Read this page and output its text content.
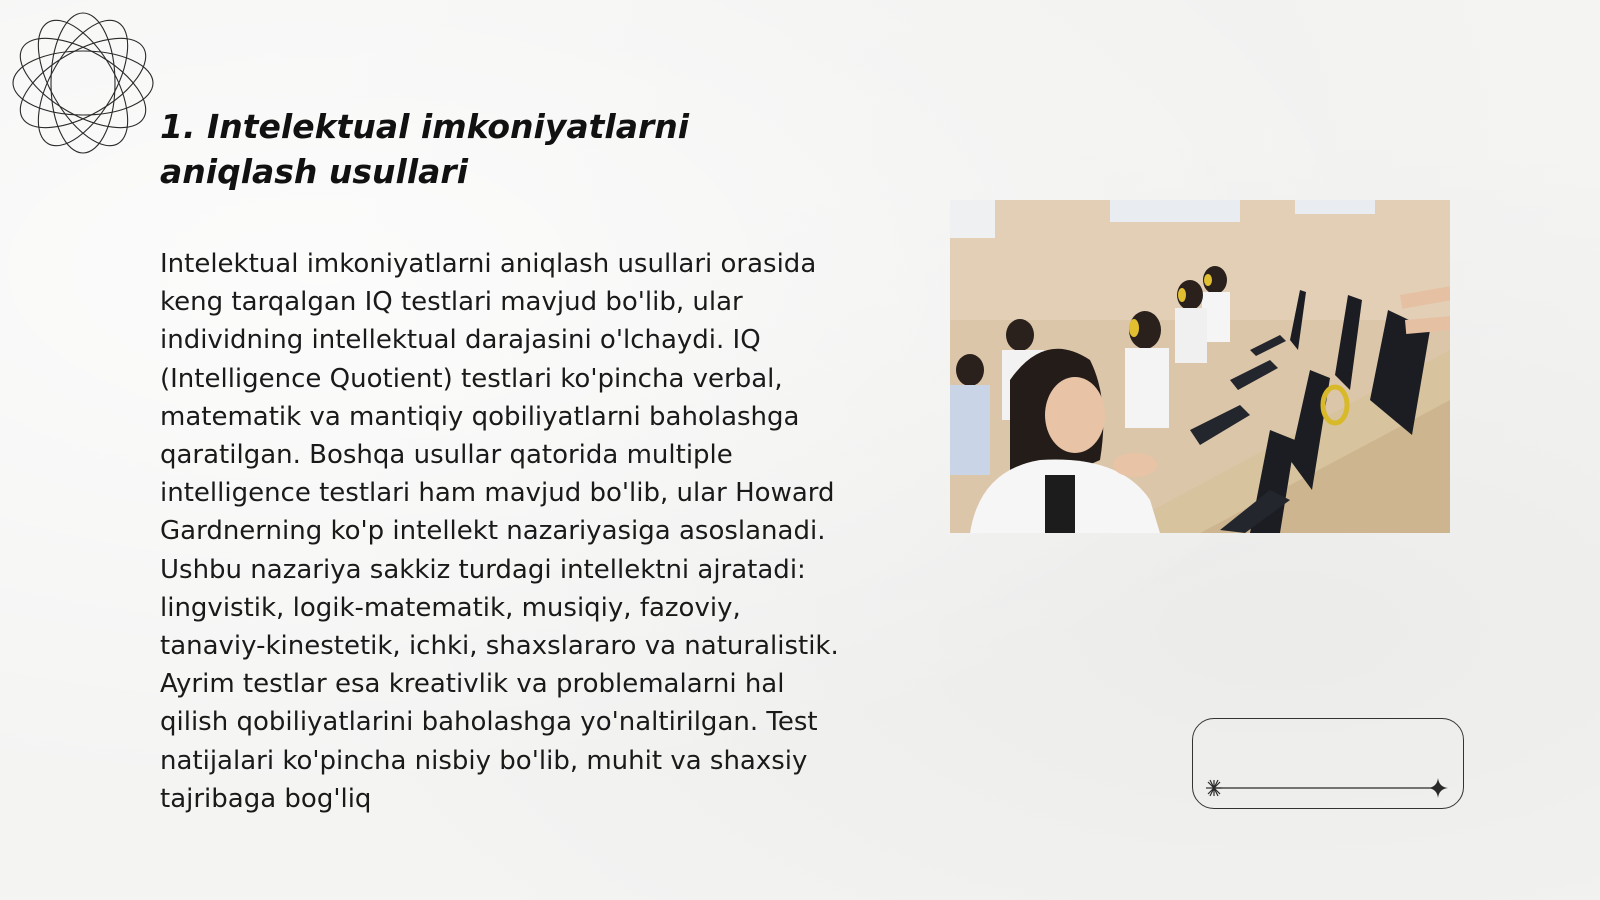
1. Intelektual imkoniyatlarni aniqlash usullari

Intelektual imkoniyatlarni aniqlash usullari orasida keng tarqalgan IQ testlari mavjud bo'lib, ular individning intellektual darajasini o'lchaydi. IQ (Intelligence Quotient) testlari ko'pincha verbal, matematik va mantiqiy qobiliyatlarni baholashga qaratilgan. Boshqa usullar qatorida multiple intelligence testlari ham mavjud bo'lib, ular Howard Gardnerning ko'p intellekt nazariyasiga asoslanadi. Ushbu nazariya sakkiz turdagi intellektni ajratadi: lingvistik, logik-matematik, musiqiy, fazoviy, tanaviy-kinestetik, ichki, shaxslararo va naturalistik. Ayrim testlar esa kreativlik va problemalarni hal qilish qobiliyatlarini baholashga yo'naltirilgan. Test natijalari ko'pincha nisbiy bo'lib, muhit va shaxsiy tajribaga bog'liq
